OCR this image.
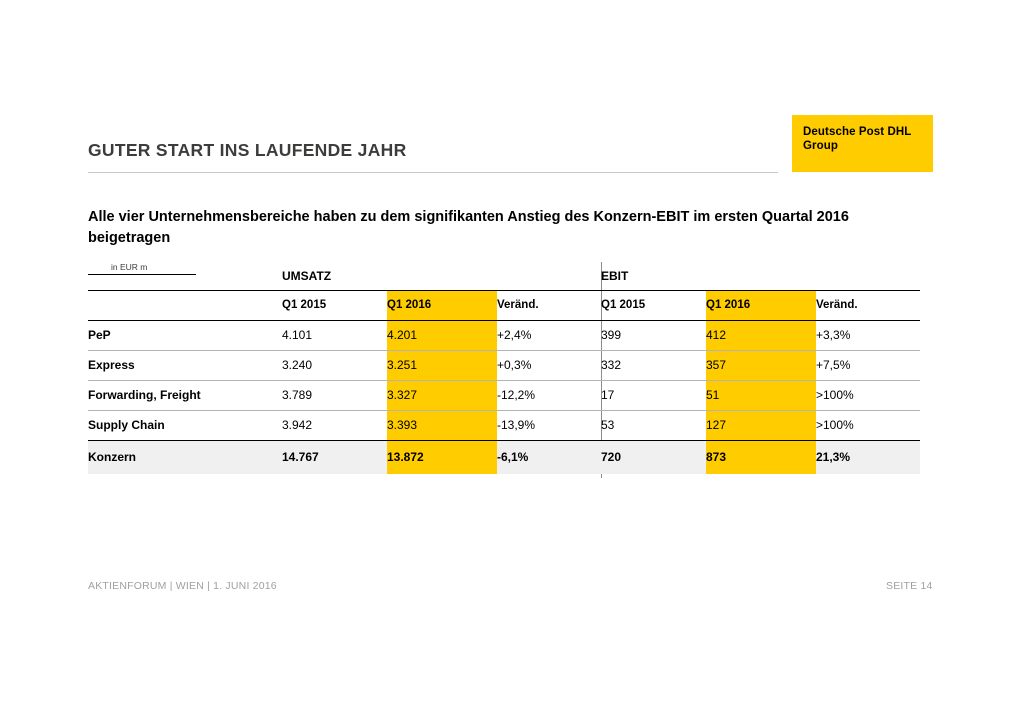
Deutsche Post DHL
Group
GUTER START INS LAUFENDE JAHR
Alle vier Unternehmensbereiche haben zu dem signifikanten Anstieg des Konzern-EBIT im ersten Quartal 2016 beigetragen
in EUR m
	UMSATZ			EBIT		
	Q1 2015	Q1 2016	Veränd.	Q1 2015	Q1 2016	Veränd.
PeP	4.101	4.201	+2,4%	399	412	+3,3%
Express	3.240	3.251	+0,3%	332	357	+7,5%
Forwarding, Freight	3.789	3.327	-12,2%	17	51	>100%
Supply Chain	3.942	3.393	-13,9%	53	127	>100%
Konzern	14.767	13.872	-6,1%	720	873	21,3%
AKTIENFORUM | WIEN | 1. JUNI 2016	SEITE 14
